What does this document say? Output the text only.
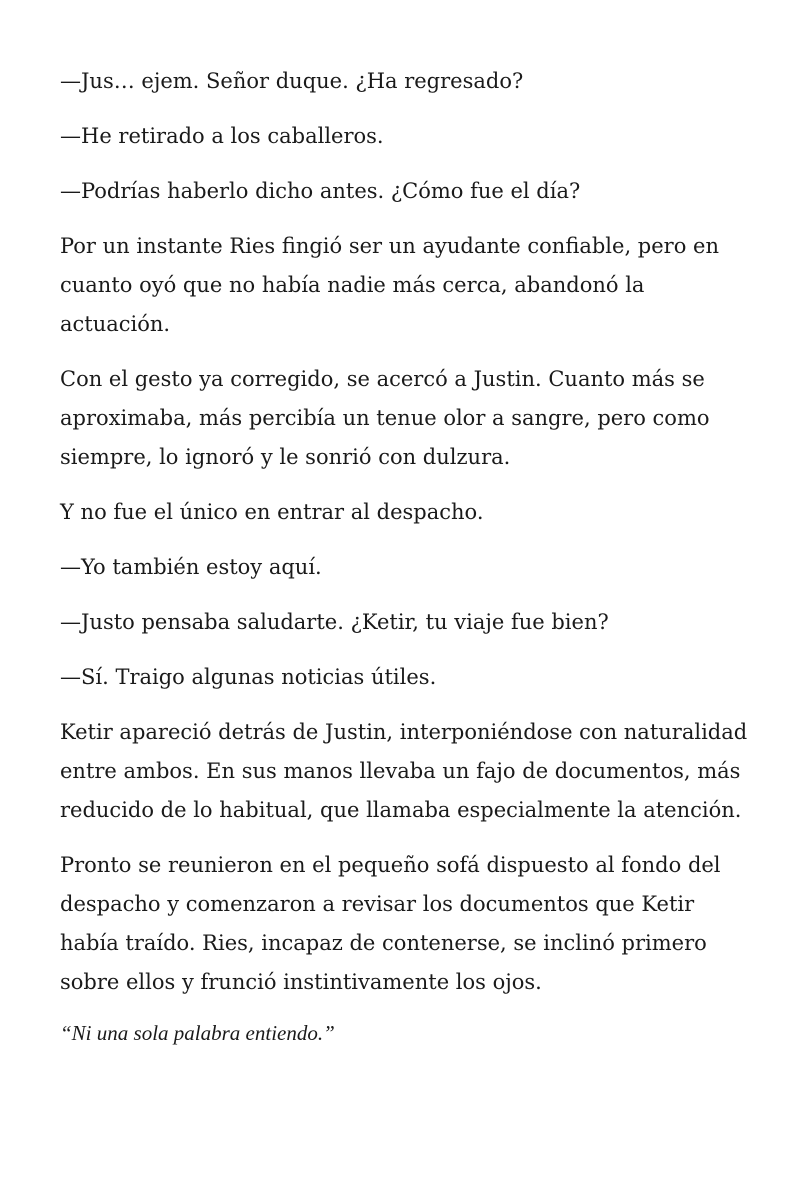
—Jus… ejem. Señor duque. ¿Ha regresado?

—He retirado a los caballeros.

—Podrías haberlo dicho antes. ¿Cómo fue el día?

Por un instante Ries fingió ser un ayudante confiable, pero en cuanto oyó que no había nadie más cerca, abandonó la actuación.

Con el gesto ya corregido, se acercó a Justin. Cuanto más se aproximaba, más percibía un tenue olor a sangre, pero como siempre, lo ignoró y le sonrió con dulzura.

Y no fue el único en entrar al despacho.

—Yo también estoy aquí.

—Justo pensaba saludarte. ¿Ketir, tu viaje fue bien?

—Sí. Traigo algunas noticias útiles.

Ketir apareció detrás de Justin, interponiéndose con naturalidad entre ambos. En sus manos llevaba un fajo de documentos, más reducido de lo habitual, que llamaba especialmente la atención.

Pronto se reunieron en el pequeño sofá dispuesto al fondo del despacho y comenzaron a revisar los documentos que Ketir había traído. Ries, incapaz de contenerse, se inclinó primero sobre ellos y frunció instintivamente los ojos.

“Ni una sola palabra entiendo.”
